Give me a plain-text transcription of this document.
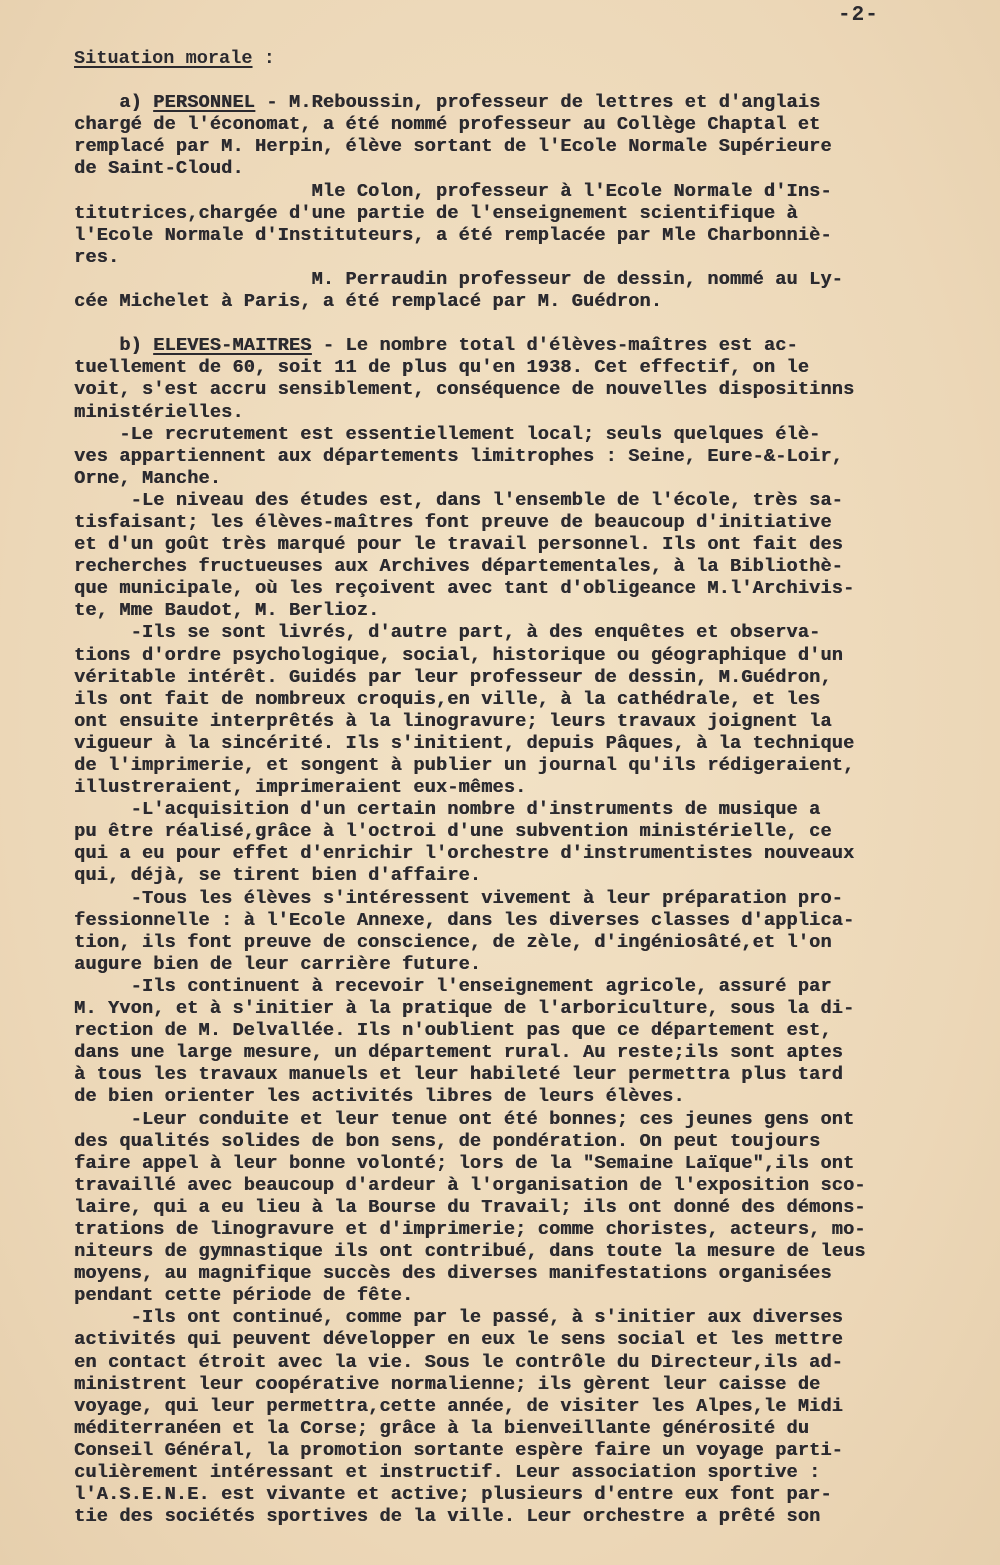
-2-
Situation morale :
a) PERSONNEL - M.Reboussin, professeur de lettres et d'anglais
chargé de l'économat, a été nommé professeur au Collège Chaptal et
remplacé par M. Herpin, élève sortant de l'Ecole Normale Supérieure
de Saint-Cloud.
Mle Colon, professeur à l'Ecole Normale d'Ins-
titutrices,chargée d'une partie de l'enseignement scientifique à
l'Ecole Normale d'Instituteurs, a été remplacée par Mle Charbonniè-
res.
M. Perraudin professeur de dessin, nommé au Ly-
cée Michelet à Paris, a été remplacé par M. Guédron.
b) ELEVES-MAITRES - Le nombre total d'élèves-maîtres est ac-
tuellement de 60, soit 11 de plus qu'en 1938. Cet effectif, on le
voit, s'est accru sensiblement, conséquence de nouvelles dispositinns
ministérielles.
-Le recrutement est essentiellement local; seuls quelques élè-
ves appartiennent aux départements limitrophes : Seine, Eure-&-Loir,
Orne, Manche.
-Le niveau des études est, dans l'ensemble de l'école, très sa-
tisfaisant; les élèves-maîtres font preuve de beaucoup d'initiative
et d'un goût très marqué pour le travail personnel. Ils ont fait des
recherches fructueuses aux Archives départementales, à la Bibliothè-
que municipale, où les reçoivent avec tant d'obligeance M.l'Archivis-
te, Mme Baudot, M. Berlioz.
-Ils se sont livrés, d'autre part, à des enquêtes et observa-
tions d'ordre psychologique, social, historique ou géographique d'un
véritable intérêt. Guidés par leur professeur de dessin, M.Guédron,
ils ont fait de nombreux croquis,en ville, à la cathédrale, et les
ont ensuite interprêtés à la linogravure; leurs travaux joignent la
vigueur à la sincérité. Ils s'initient, depuis Pâques, à la technique
de l'imprimerie, et songent à publier un journal qu'ils rédigeraient,
illustreraient, imprimeraient eux-mêmes.
-L'acquisition d'un certain nombre d'instruments de musique a
pu être réalisé,grâce à l'octroi d'une subvention ministérielle, ce
qui a eu pour effet d'enrichir l'orchestre d'instrumentistes nouveaux
qui, déjà, se tirent bien d'affaire.
-Tous les élèves s'intéressent vivement à leur préparation pro-
fessionnelle : à l'Ecole Annexe, dans les diverses classes d'applica-
tion, ils font preuve de conscience, de zèle, d'ingéniosâté,et l'on
augure bien de leur carrière future.
-Ils continuent à recevoir l'enseignement agricole, assuré par
M. Yvon, et à s'initier à la pratique de l'arboriculture, sous la di-
rection de M. Delvallée. Ils n'oublient pas que ce département est,
dans une large mesure, un département rural. Au reste;ils sont aptes
à tous les travaux manuels et leur habileté leur permettra plus tard
de bien orienter les activités libres de leurs élèves.
-Leur conduite et leur tenue ont été bonnes; ces jeunes gens ont
des qualités solides de bon sens, de pondération. On peut toujours
faire appel à leur bonne volonté; lors de la "Semaine Laïque",ils ont
travaillé avec beaucoup d'ardeur à l'organisation de l'exposition sco-
laire, qui a eu lieu à la Bourse du Travail; ils ont donné des démons-
trations de linogravure et d'imprimerie; comme choristes, acteurs, mo-
niteurs de gymnastique ils ont contribué, dans toute la mesure de leus
moyens, au magnifique succès des diverses manifestations organisées
pendant cette période de fête.
-Ils ont continué, comme par le passé, à s'initier aux diverses
activités qui peuvent développer en eux le sens social et les mettre
en contact étroit avec la vie. Sous le contrôle du Directeur,ils ad-
ministrent leur coopérative normalienne; ils gèrent leur caisse de
voyage, qui leur permettra,cette année, de visiter les Alpes,le Midi
méditerranéen et la Corse; grâce à la bienveillante générosité du
Conseil Général, la promotion sortante espère faire un voyage parti-
culièrement intéressant et instructif. Leur association sportive :
l'A.S.E.N.E. est vivante et active; plusieurs d'entre eux font par-
tie des sociétés sportives de la ville. Leur orchestre a prêté son
